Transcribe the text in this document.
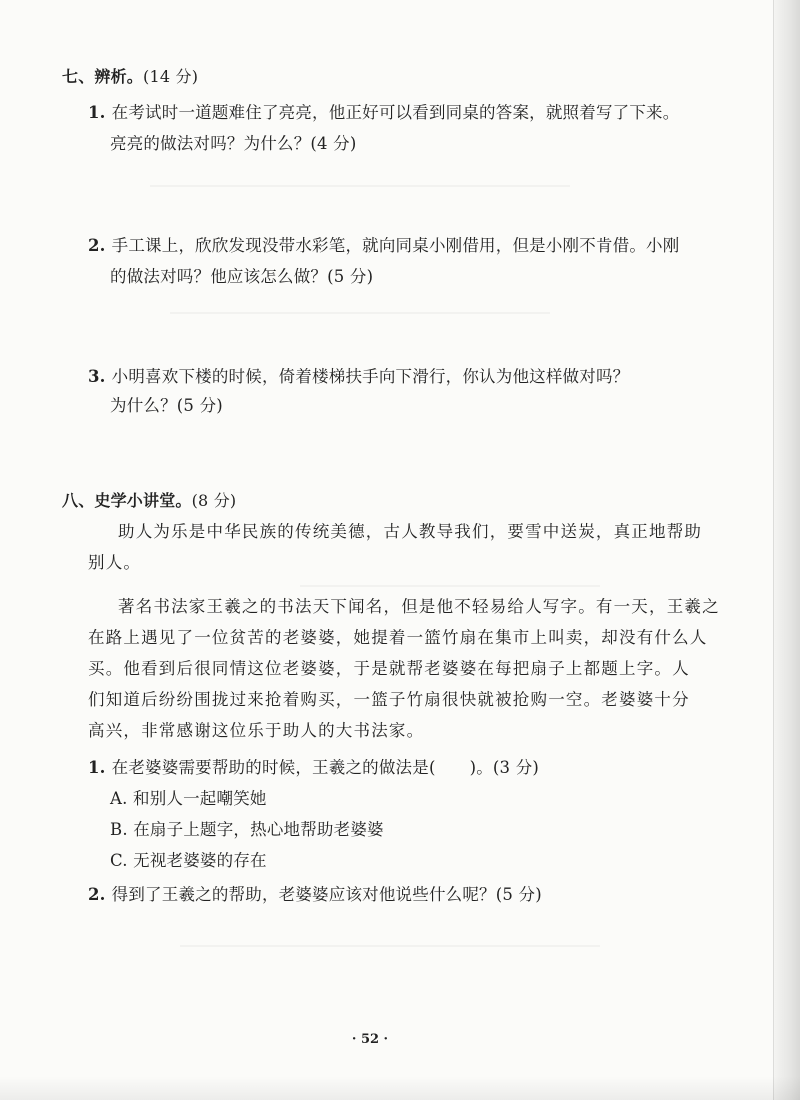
七、辨析。(14 分)
1. 在考试时一道题难住了亮亮，他正好可以看到同桌的答案，就照着写了下来。
亮亮的做法对吗？为什么？(4 分)
2. 手工课上，欣欣发现没带水彩笔，就向同桌小刚借用，但是小刚不肯借。小刚
的做法对吗？他应该怎么做？(5 分)
3. 小明喜欢下楼的时候，倚着楼梯扶手向下滑行，你认为他这样做对吗？
为什么？(5 分)
八、史学小讲堂。(8 分)
助人为乐是中华民族的传统美德，古人教导我们，要雪中送炭，真正地帮助
别人。
著名书法家王羲之的书法天下闻名，但是他不轻易给人写字。有一天，王羲之
在路上遇见了一位贫苦的老婆婆，她提着一篮竹扇在集市上叫卖，却没有什么人
买。他看到后很同情这位老婆婆，于是就帮老婆婆在每把扇子上都题上字。人
们知道后纷纷围拢过来抢着购买，一篮子竹扇很快就被抢购一空。老婆婆十分
高兴，非常感谢这位乐于助人的大书法家。
1. 在老婆婆需要帮助的时候，王羲之的做法是( )。(3 分)
A. 和别人一起嘲笑她
B. 在扇子上题字，热心地帮助老婆婆
C. 无视老婆婆的存在
2. 得到了王羲之的帮助，老婆婆应该对他说些什么呢？(5 分)
· 52 ·
